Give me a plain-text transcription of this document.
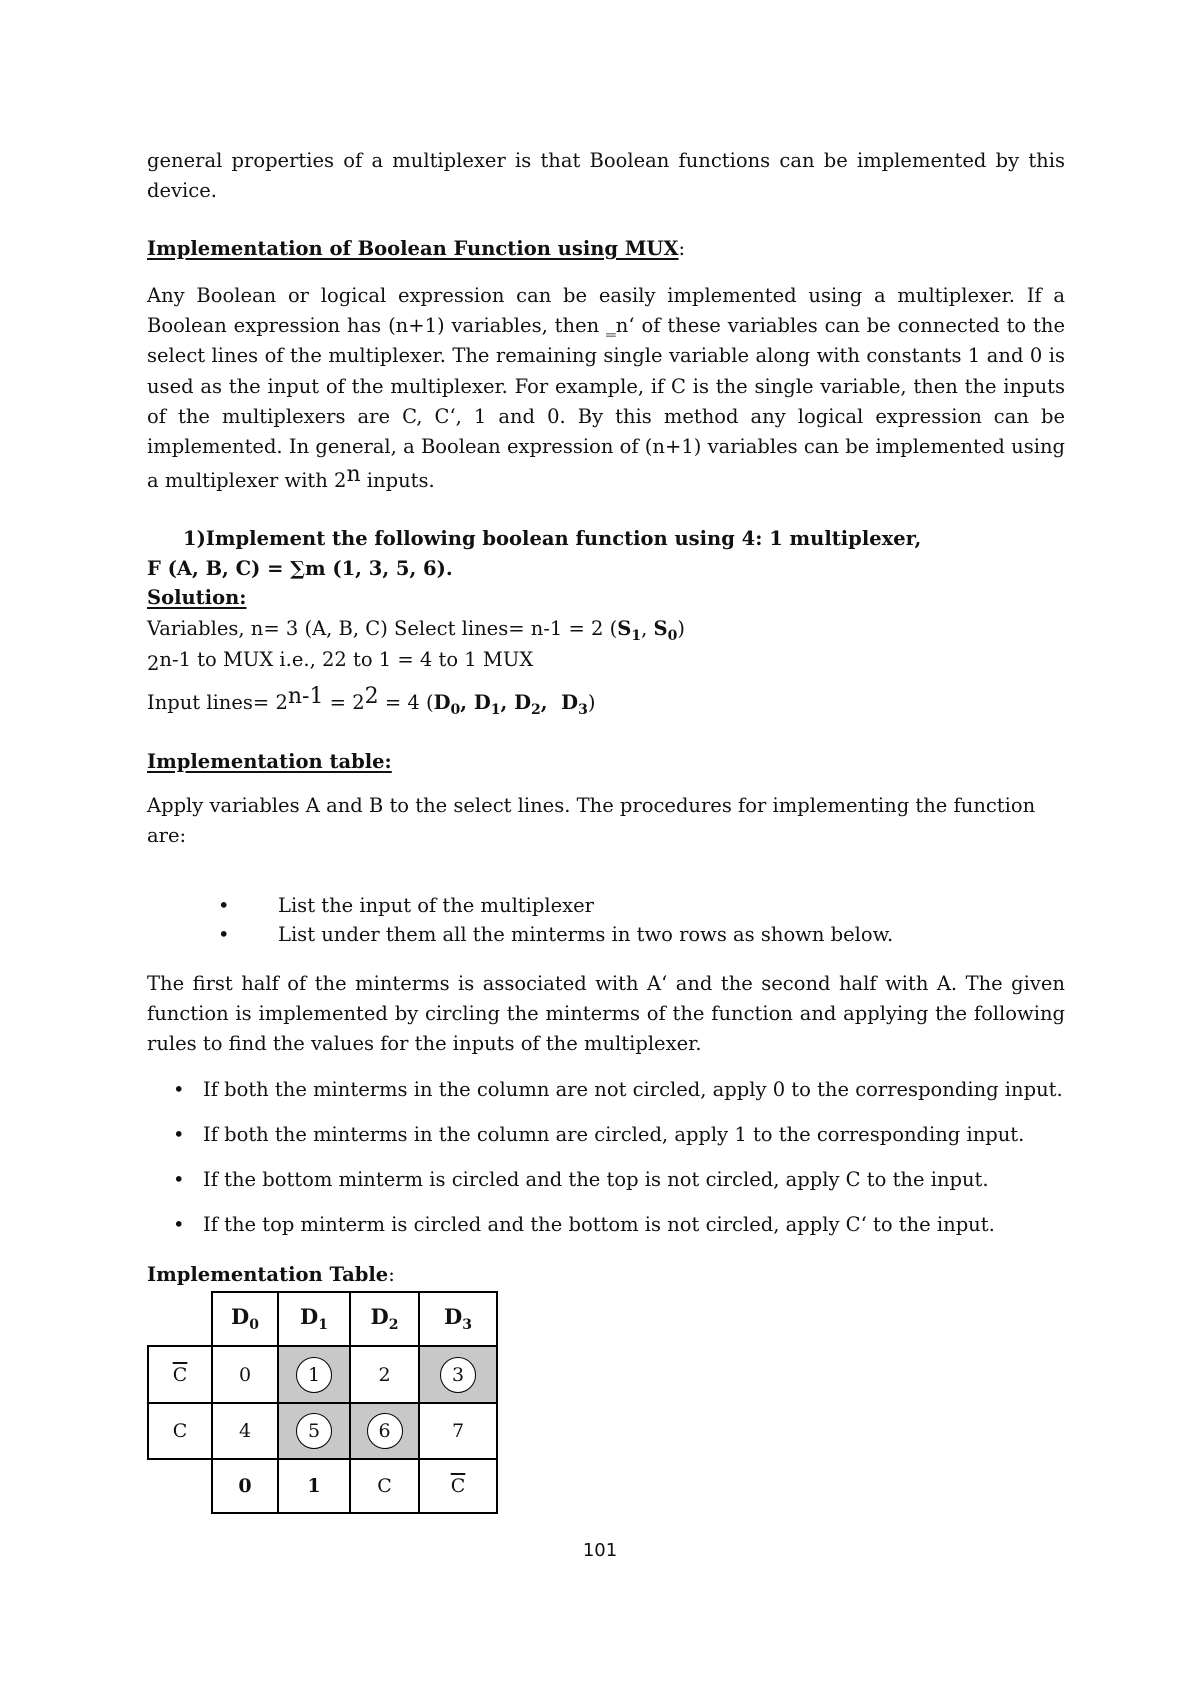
general properties of a multiplexer is that Boolean functions can be implemented by this
device.
Implementation of Boolean Function using MUX:
Any Boolean or logical expression can be easily implemented using a multiplexer. If a
Boolean expression has (n+1) variables, then ‗n‘ of these variables can be connected to the
select lines of the multiplexer. The remaining single variable along with constants 1 and 0 is
used as the input of the multiplexer. For example, if C is the single variable, then the inputs
of the multiplexers are C, C‘, 1 and 0. By this method any logical expression can be
implemented. In general, a Boolean expression of (n+1) variables can be implemented using
a multiplexer with 2n inputs.
1)Implement the following boolean function using 4: 1 multiplexer,
F (A, B, C) = ∑m (1, 3, 5, 6).
Solution:
Variables, n= 3 (A, B, C) Select lines= n-1 = 2 ($S_1$, $S_0$)
2n-1 to MUX i.e., 22 to 1 = 4 to 1 MUX
Input lines= 2n-1 = 22 = 4 ($D_0$, $D_1$, $D_2$,  $D_3$)
Implementation table:
Apply variables A and B to the select lines. The procedures for implementing the function
are:
• List the input of the multiplexer
• List under them all the minterms in two rows as shown below.
The first half of the minterms is associated with A‘ and the second half with A. The given
function is implemented by circling the minterms of the function and applying the following
rules to find the values for the inputs of the multiplexer.
• If both the minterms in the column are not circled, apply 0 to the corresponding input.
• If both the minterms in the column are circled, apply 1 to the corresponding input.
• If the bottom minterm is circled and the top is not circled, apply C to the input.
• If the top minterm is circled and the bottom is not circled, apply C‘ to the input.
Implementation Table:
	$D_0$	$D_1$	$D_2$	$D_3$
$\overline{C}$	0	1	2	3
C	4	5	6	7
	0	1	C	$\overline{C}$
101
